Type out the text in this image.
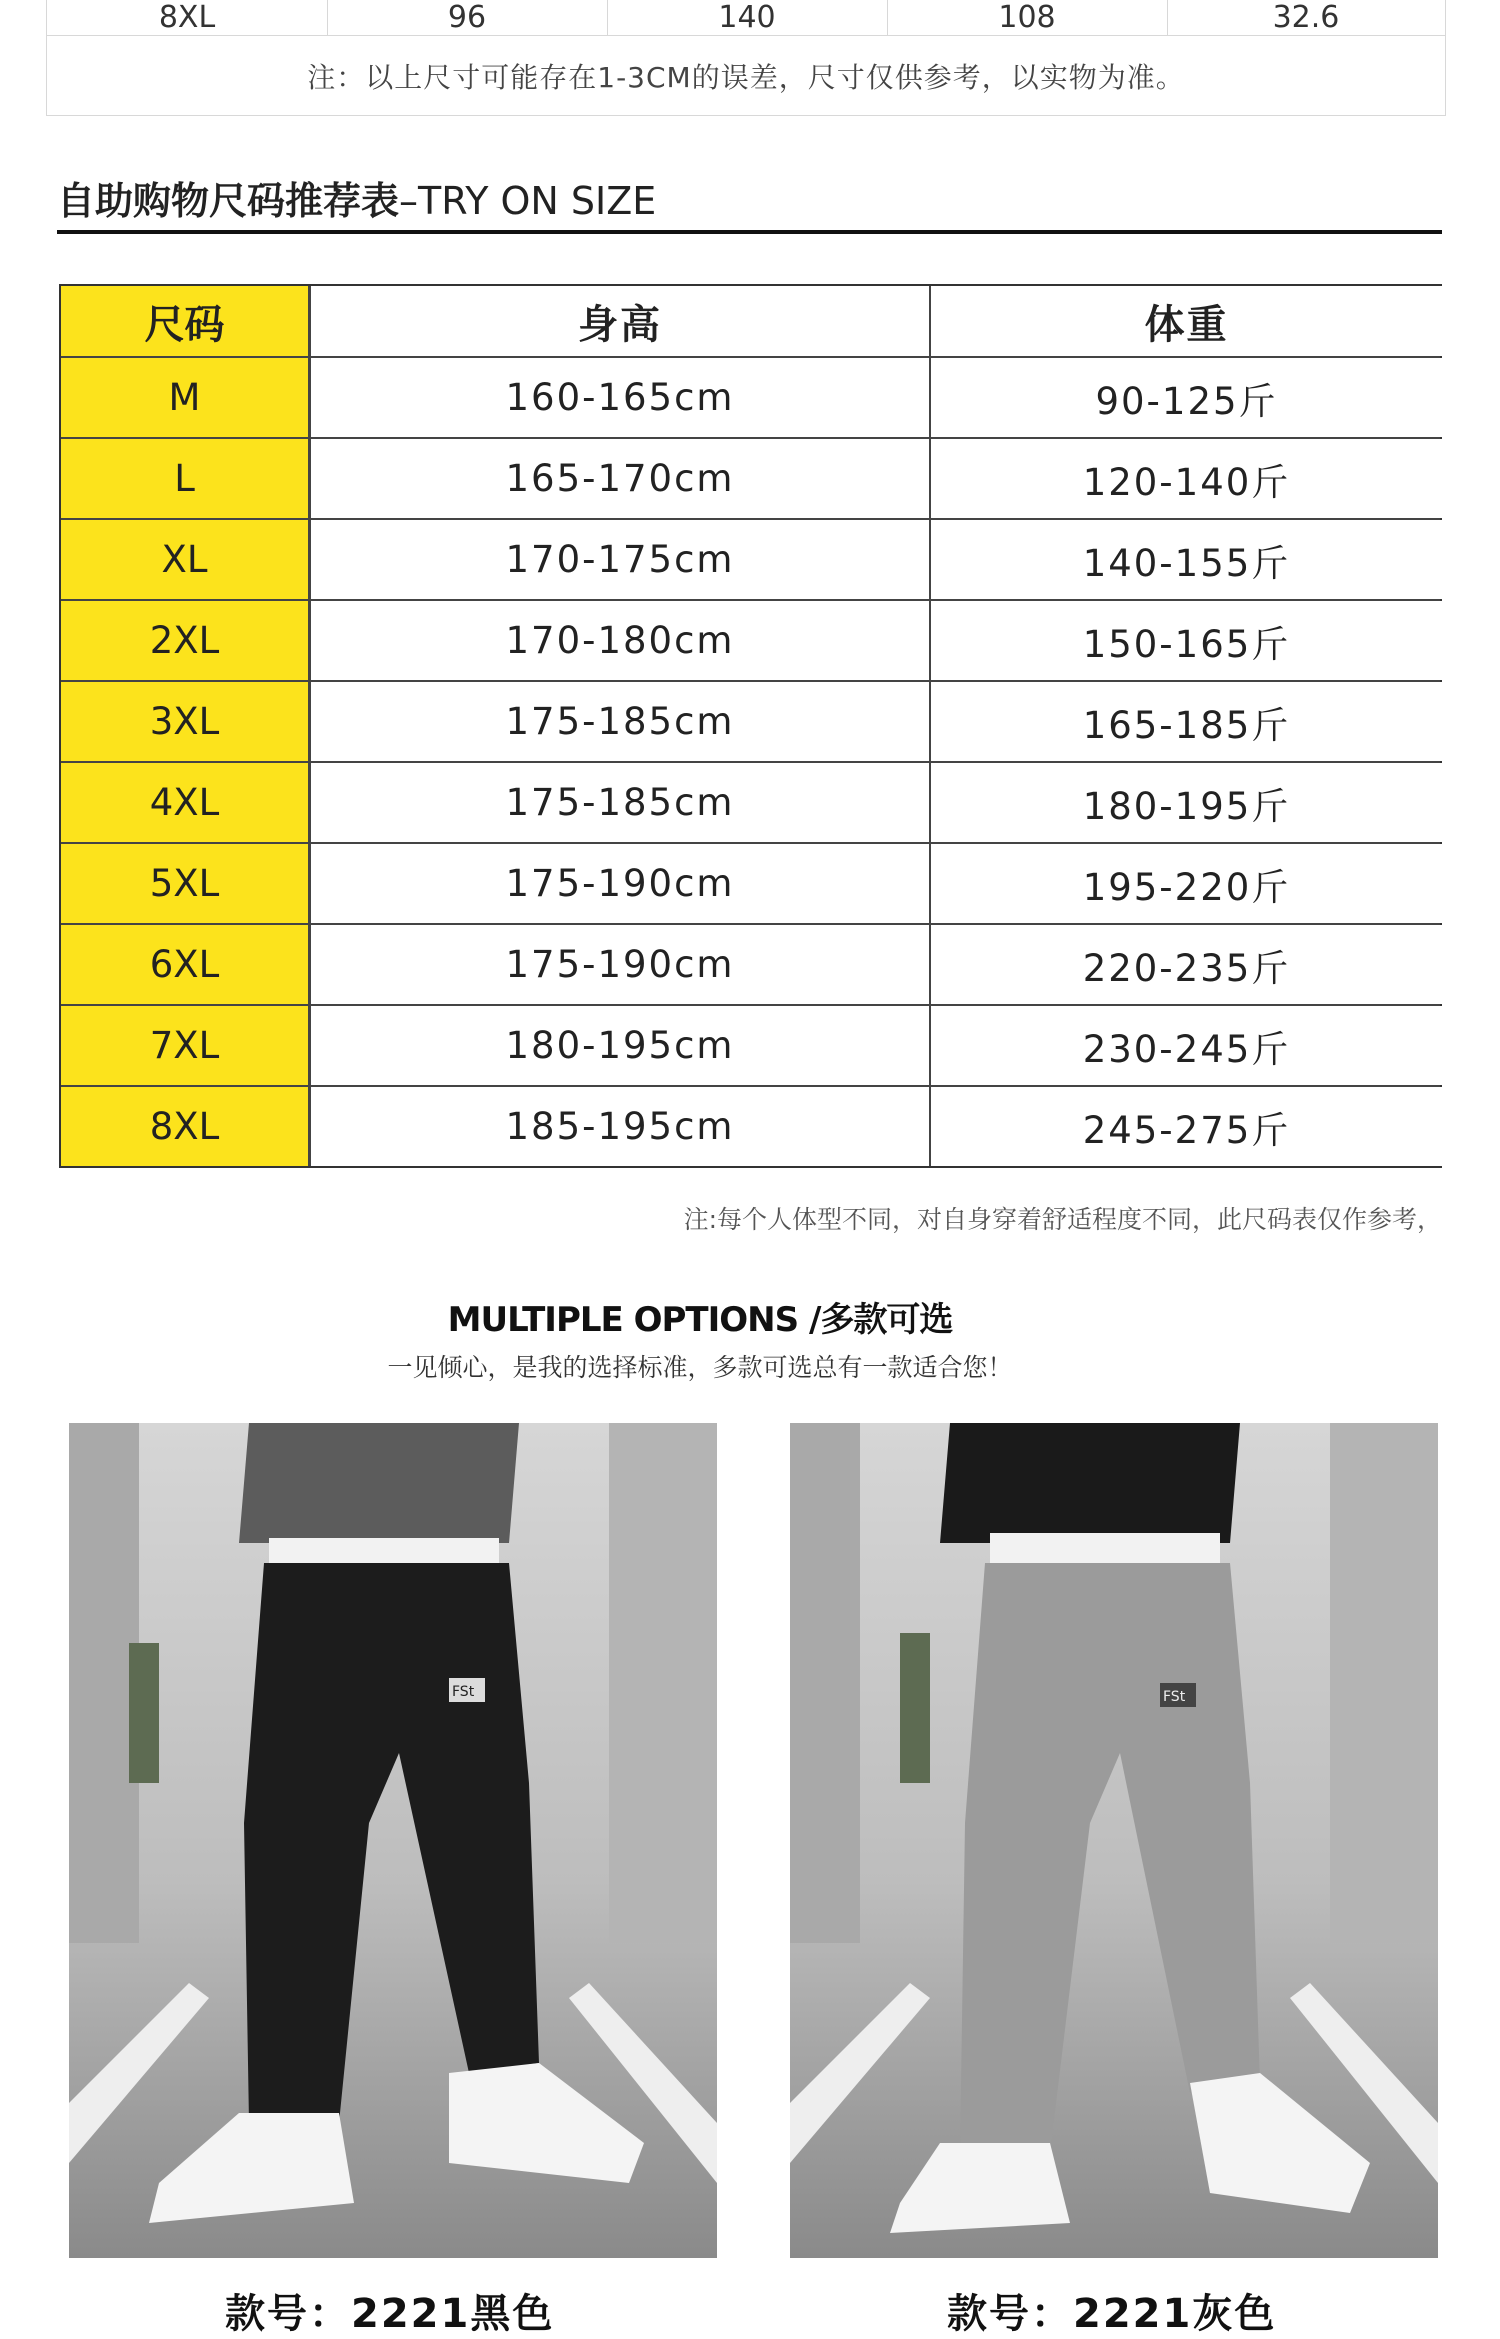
8XL	96	140	108	32.6
注：以上尺寸可能存在1-3CM的误差，尺寸仅供参考，以实物为准。
自助购物尺码推荐表–TRY ON SIZE
尺码	身高	体重
M	160-165cm	90-125斤
L	165-170cm	120-140斤
XL	170-175cm	140-155斤
2XL	170-180cm	150-165斤
3XL	175-185cm	165-185斤
4XL	175-185cm	180-195斤
5XL	175-190cm	195-220斤
6XL	175-190cm	220-235斤
7XL	180-195cm	230-245斤
8XL	185-195cm	245-275斤
注:每个人体型不同，对自身穿着舒适程度不同，此尺码表仅作参考，
MULTIPLE OPTIONS /多款可选
一见倾心，是我的选择标准，多款可选总有一款适合您！
FSt	FSt
款号：2221黑色	款号：2221灰色
